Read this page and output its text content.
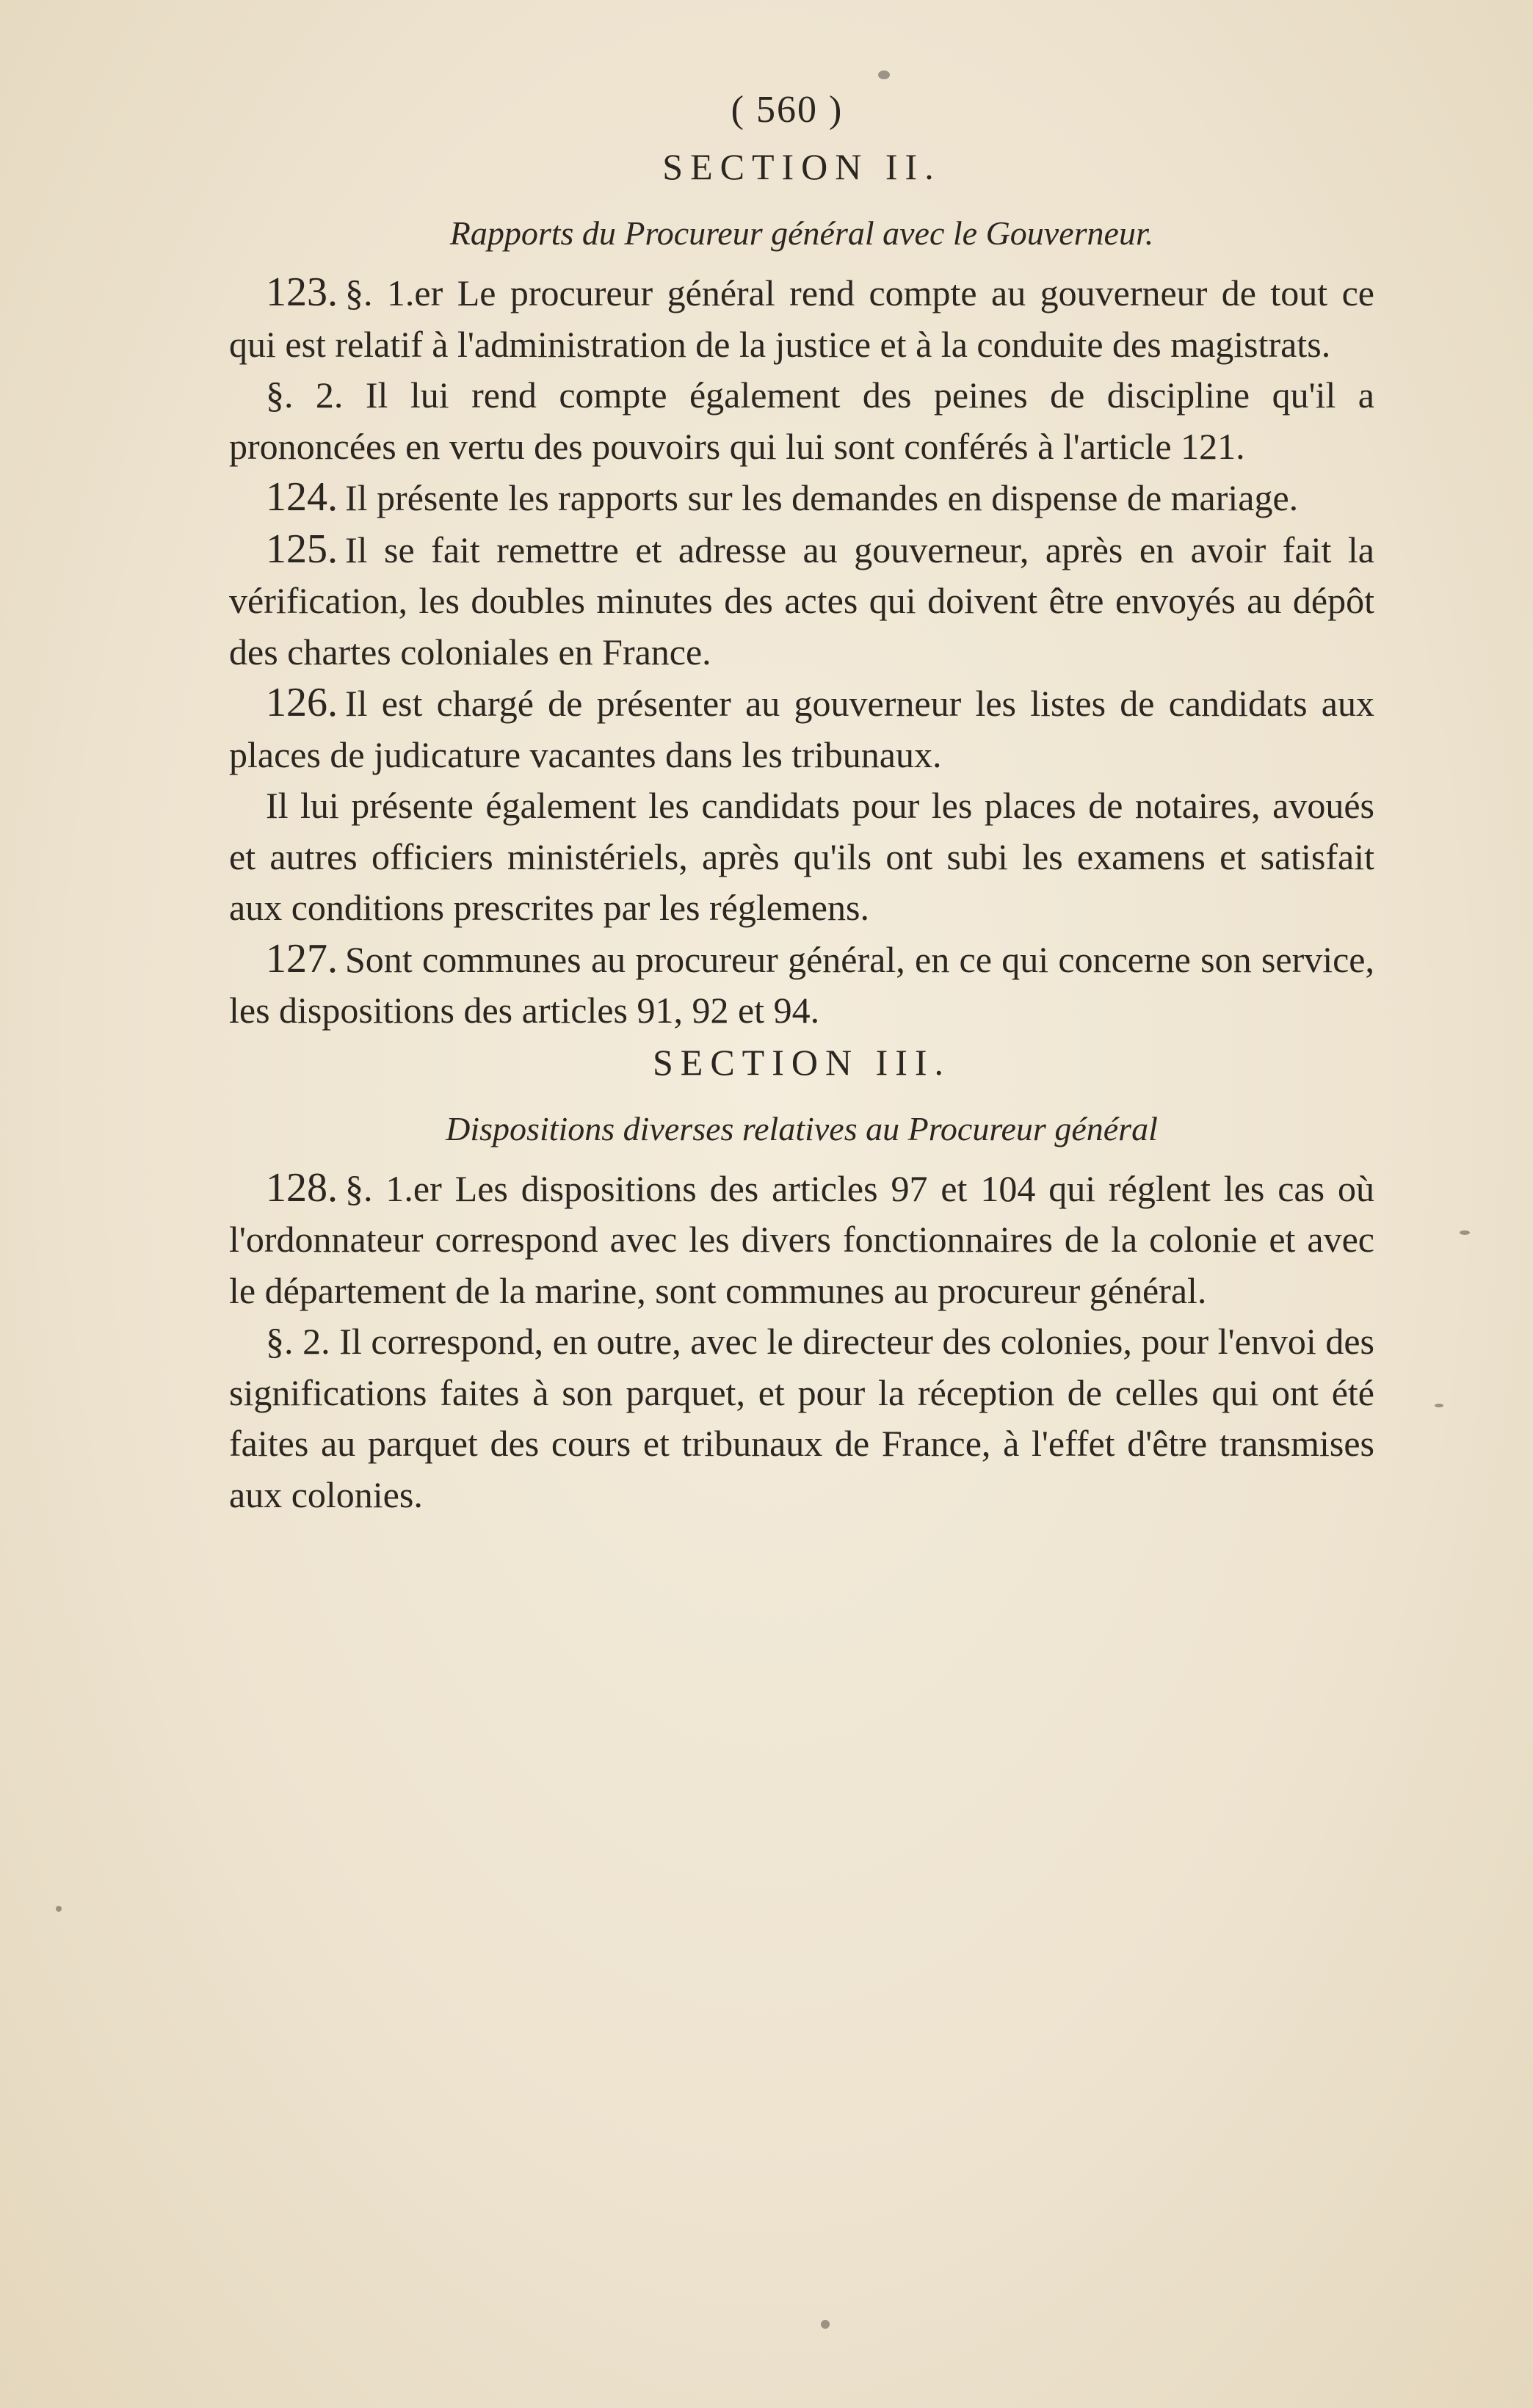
( 560 )
SECTION II.
Rapports du Procureur général avec le Gouverneur.

123. §. 1.er Le procureur général rend compte au gouverneur de tout ce qui est relatif à l'administration de la justice et à la conduite des magistrats.

§. 2. Il lui rend compte également des peines de discipline qu'il a prononcées en vertu des pouvoirs qui lui sont conférés à l'article 121.

124. Il présente les rapports sur les demandes en dispense de mariage.

125. Il se fait remettre et adresse au gouverneur, après en avoir fait la vérification, les doubles minutes des actes qui doivent être envoyés au dépôt des chartes coloniales en France.

126. Il est chargé de présenter au gouverneur les listes de candidats aux places de judicature vacantes dans les tribunaux.

Il lui présente également les candidats pour les places de notaires, avoués et autres officiers ministériels, après qu'ils ont subi les examens et satisfait aux conditions prescrites par les réglemens.

127. Sont communes au procureur général, en ce qui concerne son service, les dispositions des articles 91, 92 et 94.

SECTION III.
Dispositions diverses relatives au Procureur général

128. §. 1.er Les dispositions des articles 97 et 104 qui réglent les cas où l'ordonnateur correspond avec les divers fonctionnaires de la colonie et avec le département de la marine, sont communes au procureur général.

§. 2. Il correspond, en outre, avec le directeur des colonies, pour l'envoi des significations faites à son parquet, et pour la réception de celles qui ont été faites au parquet des cours et tribunaux de France, à l'effet d'être transmises aux colonies.
